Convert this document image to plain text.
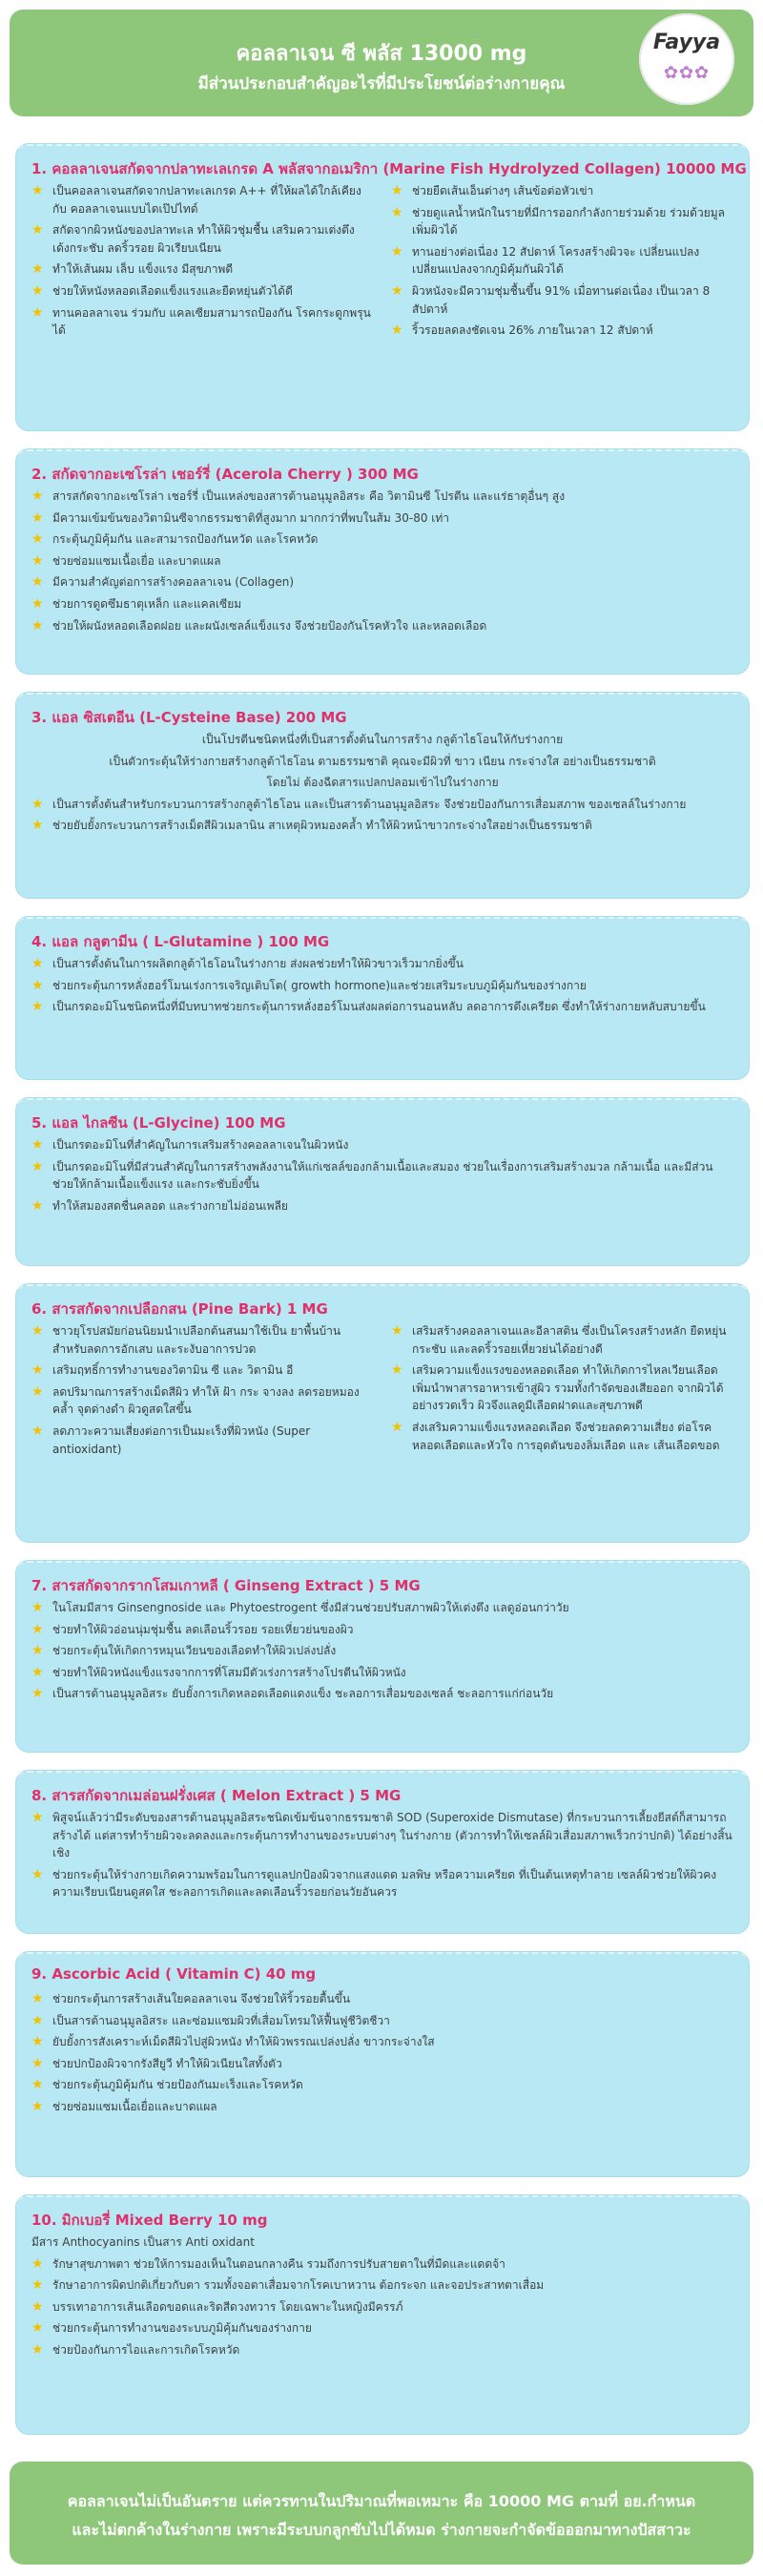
คอลลาเจน ซี พลัส 13000 mg
มีส่วนประกอบสำคัญอะไรที่มีประโยชน์ต่อร่างกายคุณ
Fayya
✿✿✿
1. คอลลาเจนสกัดจากปลาทะเลเกรด A พลัสจากอเมริกา (Marine Fish Hydrolyzed Collagen) 10000 MG
★ เป็นคอลลาเจนสกัดจากปลาทะเลเกรด A++ ที่ให้ผลได้ใกล้เคียงกับ คอลลาเจนแบบไดเป๊ปไทด์
★ สกัดจากผิวหนังของปลาทะเล ทำให้ผิวชุ่มชื้น เสริมความเต่งตึง เด้งกระชับ ลดริ้วรอย ผิวเรียบเนียน
★ ทำให้เส้นผม เล็บ แข็งแรง มีสุขภาพดี
★ ช่วยให้หนังหลอดเลือดแข็งแรงและยืดหยุ่นตัวได้ดี
★ ทานคอลลาเจน ร่วมกับ แคลเซียมสามารถป้องกัน โรคกระดูกพรุนได้
★ ช่วยยืดเส้นเอ็นต่างๆ เส้นข้อต่อหัวเข่า
★ ช่วยดูแลน้ำหนักในรายที่มีการออกกำลังกายร่วมด้วย ร่วมด้วยมูลเพิ่มผิวได้
★ ทานอย่างต่อเนื่อง 12 สัปดาห์ โครงสร้างผิวจะ เปลี่ยนแปลงเปลี่ยนแปลงจากภูมิคุ้มกันผิวได้
★ ผิวหนังจะมีความชุ่มชื้นขึ้น 91% เมื่อทานต่อเนื่อง เป็นเวลา 8 สัปดาห์
★ ริ้วรอยลดลงชัดเจน 26% ภายในเวลา 12 สัปดาห์
2. สกัดจากอะเซโรล่า เชอร์รี่ (Acerola Cherry ) 300 MG
★ สารสกัดจากอะเซโรล่า เชอร์รี่ เป็นแหล่งของสารต้านอนุมูลอิสระ คือ วิตามินซี โปรตีน และแร่ธาตุอื่นๆ สูง
★ มีความเข้มข้นของวิตามินซีจากธรรมชาติที่สูงมาก มากกว่าที่พบในส้ม 30-80 เท่า
★ กระตุ้นภูมิคุ้มกัน และสามารถป้องกันหวัด และโรคหวัด
★ ช่วยซ่อมแซมเนื้อเยื่อ และบาดแผล
★ มีความสำคัญต่อการสร้างคอลลาเจน (Collagen)
★ ช่วยการดูดซึมธาตุเหล็ก และแคลเซียม
★ ช่วยให้ผนังหลอดเลือดฝอย และผนังเซลล์แข็งแรง จึงช่วยป้องกันโรคหัวใจ และหลอดเลือด
3. แอล ซิสเตอีน (L-Cysteine Base) 200 MG
เป็นโปรตีนชนิดหนึ่งที่เป็นสารตั้งต้นในการสร้าง กลูต้าไธโอนให้กับร่างกาย
เป็นตัวกระตุ้นให้ร่างกายสร้างกลูต้าไธโอน ตามธรรมชาติ คุณจะมีผิวที่ ขาว เนียน กระจ่างใส อย่างเป็นธรรมชาติ
โดยไม่ ต้องฉีดสารแปลกปลอมเข้าไปในร่างกาย
★ เป็นสารตั้งต้นสำหรับกระบวนการสร้างกลูต้าไธโอน และเป็นสารต้านอนุมูลอิสระ จึงช่วยป้องกันการเสื่อมสภาพ ของเซลล์ในร่างกาย
★ ช่วยยับยั้งกระบวนการสร้างเม็ดสีผิวเมลานิน สาเหตุผิวหมองคล้ำ ทำให้ผิวหน้าขาวกระจ่างใสอย่างเป็นธรรมชาติ
4. แอล กลูตามีน ( L-Glutamine ) 100 MG
★ เป็นสารตั้งต้นในการผลิตกลูต้าไธโอนในร่างกาย ส่งผลช่วยทำให้ผิวขาวเร็วมากยิ่งขึ้น
★ ช่วยกระตุ้นการหลั่งฮอร์โมนเร่งการเจริญเติบโต( growth hormone)และช่วยเสริมระบบภูมิคุ้มกันของร่างกาย
★ เป็นกรดอะมิโนชนิดหนึ่งที่มีบทบาทช่วยกระตุ้นการหลั่งฮอร์โมนส่งผลต่อการนอนหลับ ลดอาการตึงเครียด ซึ่งทำให้ร่างกายหลับสบายขึ้น
5. แอล ไกลซีน (L-Glycine) 100 MG
★ เป็นกรดอะมิโนที่สำคัญในการเสริมสร้างคอลลาเจนในผิวหนัง
★ เป็นกรดอะมิโนที่มีส่วนสำคัญในการสร้างพลังงานให้แก่เซลล์ของกล้ามเนื้อและสมอง ช่วยในเรื่องการเสริมสร้างมวล กล้ามเนื้อ และมีส่วนช่วยให้กล้ามเนื้อแข็งแรง และกระชับยิ่งขึ้น
★ ทำให้สมองสดชื่นคลอด และร่างกายไม่อ่อนเพลีย
6. สารสกัดจากเปลือกสน (Pine Bark) 1 MG
★ ชาวยุโรปสมัยก่อนนิยมนำเปลือกต้นสนมาใช้เป็น ยาพื้นบ้านสำหรับลดการอักเสบ และระงับอาการปวด
★ เสริมฤทธิ์การทำงานของวิตามิน ซี และ วิตามิน อี
★ ลดปริมาณการสร้างเม็ดสีผิว ทำให้ ฝ้า กระ จางลง ลดรอยหมองคล้ำ จุดด่างดำ ผิวดูสดใสขึ้น
★ ลดภาวะความเสี่ยงต่อการเป็นมะเร็งที่ผิวหนัง (Super antioxidant)
★ เสริมสร้างคอลลาเจนและอีลาสติน ซึ่งเป็นโครงสร้างหลัก ยืดหยุ่น กระชับ และลดริ้วรอยเหี่ยวย่นได้อย่างดี
★ เสริมความแข็งแรงของหลอดเลือด ทำให้เกิดการไหลเวียนเลือด เพิ่มนำพาสารอาหารเข้าสู่ผิว รวมทั้งกำจัดของเสียออก จากผิวได้อย่างรวดเร็ว ผิวจึงแลดูมีเลือดฝาดและสุขภาพดี
★ ส่งเสริมความแข็งแรงหลอดเลือด จึงช่วยลดความเสี่ยง ต่อโรคหลอดเลือดและหัวใจ การอุดตันของลิ่มเลือด และ เส้นเลือดขอด
7. สารสกัดจากรากโสมเกาหลี ( Ginseng Extract ) 5 MG
★ ในโสมมีสาร Ginsengnoside และ Phytoestrogent ซึ่งมีส่วนช่วยปรับสภาพผิวให้เต่งตึง แลดูอ่อนกว่าวัย
★ ช่วยทำให้ผิวอ่อนนุ่มชุ่มชื้น ลดเลือนริ้วรอย รอยเหี่ยวย่นของผิว
★ ช่วยกระตุ้นให้เกิดการหมุนเวียนของเลือดทำให้ผิวเปล่งปลั่ง
★ ช่วยทำให้ผิวหนังแข็งแรงจากการที่โสมมีตัวเร่งการสร้างโปรตีนให้ผิวหนัง
★ เป็นสารต้านอนุมูลอิสระ ยับยั้งการเกิดหลอดเลือดแดงแข็ง ชะลอการเสื่อมของเซลล์ ชะลอการแก่ก่อนวัย
8. สารสกัดจากเมล่อนฝรั่งเศส ( Melon Extract ) 5 MG
★ พิสูจน์แล้วว่ามีระดับของสารต้านอนุมูลอิสระชนิดเข้มข้นจากธรรมชาติ SOD (Superoxide Dismutase) ที่กระบวนการเลี้ยงยีสต์ก็สามารถสร้างได้ แต่สารทำร้ายผิวจะลดลงและกระตุ้นการทำงานของระบบต่างๆ ในร่างกาย (ตัวการทำให้เซลล์ผิวเสื่อมสภาพเร็วกว่าปกติ) ได้อย่างสิ้นเชิง
★ ช่วยกระตุ้นให้ร่างกายเกิดความพร้อมในการดูแลปกป้องผิวจากแสงแดด มลพิษ หรือความเครียด ที่เป็นต้นเหตุทำลาย เซลล์ผิวช่วยให้ผิวคงความเรียบเนียนดูสดใส ชะลอการเกิดและลดเลือนริ้วรอยก่อนวัยอันควร
9. Ascorbic Acid ( Vitamin C) 40 mg
★ ช่วยกระตุ้นการสร้างเส้นใยคอลลาเจน จึงช่วยให้ริ้วรอยตื้นขึ้น
★ เป็นสารต้านอนุมูลอิสระ และซ่อมแซมผิวที่เสื่อมโทรมให้ฟื้นฟูชีวิตชีวา
★ ยับยั้งการสังเคราะห์เม็ดสีผิวไปสู่ผิวหนัง ทำให้ผิวพรรณเปล่งปลั่ง ขาวกระจ่างใส
★ ช่วยปกป้องผิวจากรังสียูวี ทำให้ผิวเนียนใสทั้งตัว
★ ช่วยกระตุ้นภูมิคุ้มกัน ช่วยป้องกันมะเร็งและโรคหวัด
★ ช่วยซ่อมแซมเนื้อเยื่อและบาดแผล
10. มิกเบอรี่ Mixed Berry 10 mg
มีสาร Anthocyanins เป็นสาร Anti oxidant
★ รักษาสุขภาพตา ช่วยให้การมองเห็นในตอนกลางคืน รวมถึงการปรับสายตาในที่มืดและแดดจ้า
★ รักษาอาการผิดปกติเกี่ยวกับตา รวมทั้งจอตาเสื่อมจากโรคเบาหวาน ต้อกระจก และจอประสาทตาเสื่อม
★ บรรเทาอาการเส้นเลือดขอดและริดสีดวงทวาร โดยเฉพาะในหญิงมีครรภ์
★ ช่วยกระตุ้นการทำงานของระบบภูมิคุ้มกันของร่างกาย
★ ช่วยป้องกันการไอและการเกิดโรคหวัด
คอลลาเจนไม่เป็นอันตราย แต่ควรทานในปริมาณที่พอเหมาะ คือ 10000 MG ตามที่ อย.กำหนด
และไม่ตกค้างในร่างกาย เพราะมีระบบกลูกขับไปได้หมด ร่างกายจะกำจัดข้อออกมาทางปัสสาวะ
